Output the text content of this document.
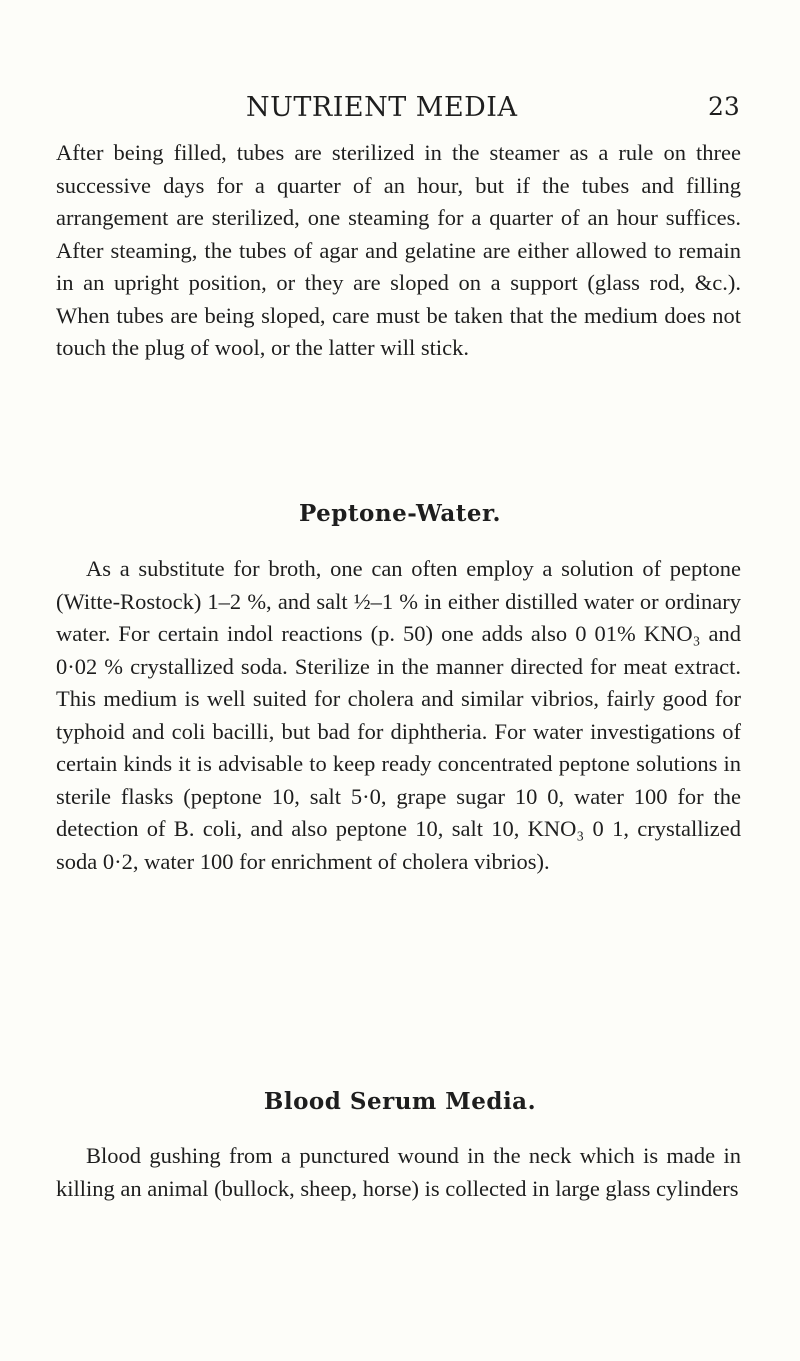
NUTRIENT MEDIA	23

After being filled, tubes are sterilized in the steamer as a rule on three successive days for a quarter of an hour, but if the tubes and filling arrangement are sterilized, one steaming for a quarter of an hour suffices. After steaming, the tubes of agar and gelatine are either allowed to remain in an upright position, or they are sloped on a support (glass rod, &c.). When tubes are being sloped, care must be taken that the medium does not touch the plug of wool, or the latter will stick.

Peptone-Water.

As a substitute for broth, one can often employ a solution of peptone (Witte-Rostock) 1–2 %, and salt ½–1 % in either distilled water or ordinary water. For certain indol reactions (p. 50) one adds also 0 01% KNO₃ and 0·02 % crystallized soda. Sterilize in the manner directed for meat extract. This medium is well suited for cholera and similar vibrios, fairly good for typhoid and coli bacilli, but bad for diphtheria. For water investigations of certain kinds it is advisable to keep ready concentrated peptone solutions in sterile flasks (peptone 10, salt 5·0, grape sugar 10 0, water 100 for the detection of B. coli, and also peptone 10, salt 10, KNO₃ 0 1, crystallized soda 0·2, water 100 for enrichment of cholera vibrios).

Blood Serum Media.

Blood gushing from a punctured wound in the neck which is made in killing an animal (bullock, sheep, horse) is collected in large glass cylinders
